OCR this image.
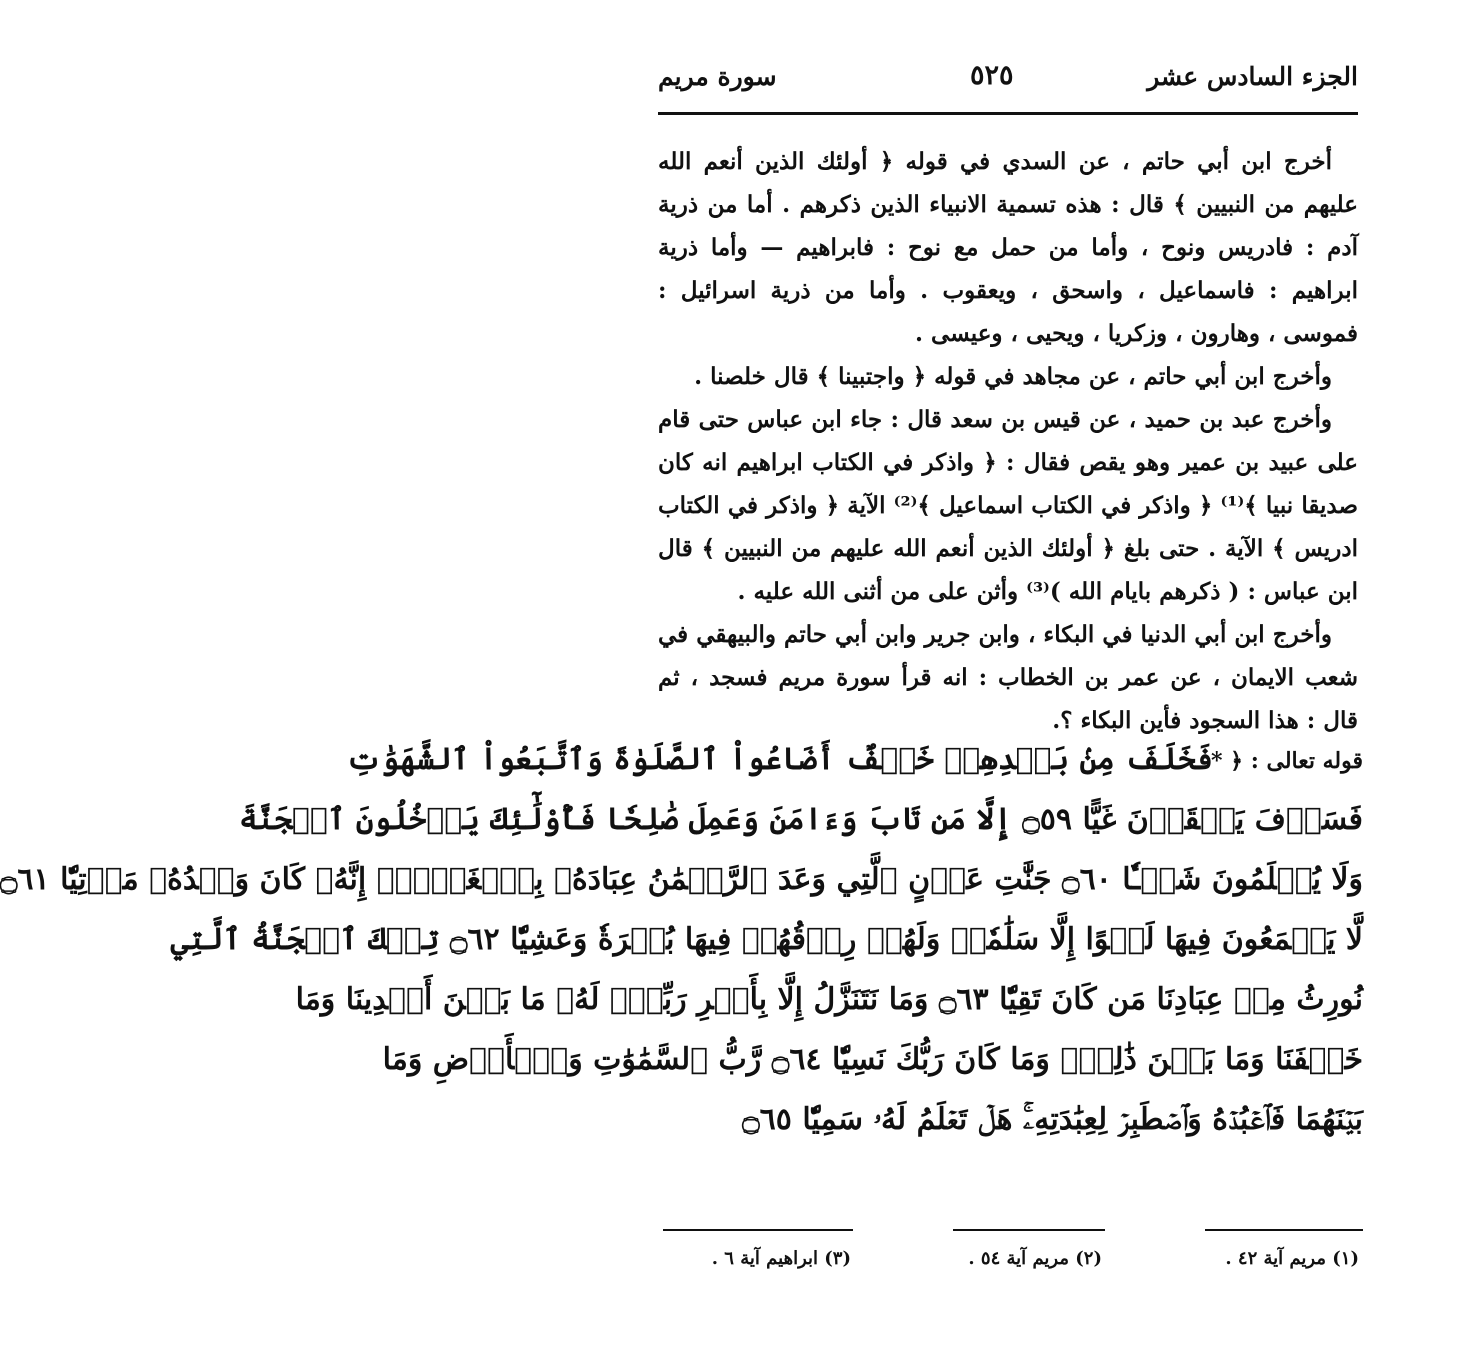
الجزء السادس عشر
٥٢٥
سورة مريم

أخرج ابن أبي حاتم ، عن السدي في قوله ﴿ أولئك الذين أنعم الله عليهم من النبيين ﴾ قال : هذه تسمية الانبياء الذين ذكرهم . أما من ذرية آدم : فادريس ونوح ، وأما من حمل مع نوح : فابراهيم — وأما ذرية ابراهيم : فاسماعيل ، واسحق ، ويعقوب . وأما من ذرية اسرائيل : فموسى ، وهارون ، وزكريا ، ويحيى ، وعيسى .

وأخرج ابن أبي حاتم ، عن مجاهد في قوله ﴿ واجتبينا ﴾ قال خلصنا .

وأخرج عبد بن حميد ، عن قيس بن سعد قال : جاء ابن عباس حتى قام على عبيد بن عمير وهو يقص فقال : ﴿ واذكر في الكتاب ابراهيم انه كان صديقا نبيا ﴾⁽¹⁾ ﴿ واذكر في الكتاب اسماعيل ﴾⁽²⁾ الآية ﴿ واذكر في الكتاب ادريس ﴾ الآية . حتى بلغ ﴿ أولئك الذين أنعم الله عليهم من النبيين ﴾ قال ابن عباس : ( ذكرهم بايام الله )⁽³⁾ وأثن على من أثنى الله عليه .

وأخرج ابن أبي الدنيا في البكاء ، وابن جرير وابن أبي حاتم والبيهقي في شعب الايمان ، عن عمر بن الخطاب : انه قرأ سورة مريم فسجد ، ثم قال : هذا السجود فأين البكاء ؟.

قوله تعالى : ﴿ *
فَخَلَفَ مِنۢ بَعۡدِهِمۡ خَلۡفٌ أَضَاعُواْ ٱلصَّلَوٰةَ وَٱتَّبَعُواْ ٱلشَّهَوَٰتِ
فَسَوۡفَ يَلۡقَوۡنَ غَيًّا ۝٥٩ إِلَّا مَن تَابَ وَءَامَنَ وَعَمِلَ صَٰلِحٗا فَأُوْلَٰٓئِكَ يَدۡخُلُونَ ٱلۡجَنَّةَ
وَلَا يُظۡلَمُونَ شَيۡـٔٗا ۝٦٠ جَنَّٰتِ عَدۡنٍ ٱلَّتِي وَعَدَ ٱلرَّحۡمَٰنُ عِبَادَهُۥ بِٱلۡغَيۡبِۚ إِنَّهُۥ كَانَ وَعۡدُهُۥ مَأۡتِيّٗا ۝٦١
لَّا يَسۡمَعُونَ فِيهَا لَغۡوًا إِلَّا سَلَٰمٗاۖ وَلَهُمۡ رِزۡقُهُمۡ فِيهَا بُكۡرَةٗ وَعَشِيّٗا ۝٦٢ تِلۡكَ ٱلۡجَنَّةُ ٱلَّتِي
نُورِثُ مِنۡ عِبَادِنَا مَن كَانَ تَقِيّٗا ۝٦٣ وَمَا نَتَنَزَّلُ إِلَّا بِأَمۡرِ رَبِّكَۖ لَهُۥ مَا بَيۡنَ أَيۡدِينَا وَمَا
خَلۡفَنَا وَمَا بَيۡنَ ذَٰلِكَۚ وَمَا كَانَ رَبُّكَ نَسِيّٗا ۝٦٤ رَّبُّ ٱلسَّمَٰوَٰتِ وَٱلۡأَرۡضِ وَمَا
بَيۡنَهُمَا فَٱعۡبُدۡهُ وَٱصۡطَبِرۡ لِعِبَٰدَتِهِۦۚ هَلۡ تَعۡلَمُ لَهُۥ سَمِيّٗا ۝٦٥
(١) مريم آية ٤٢ .
(٢) مريم آية ٥٤ .
(٣) ابراهيم آية ٦ .
